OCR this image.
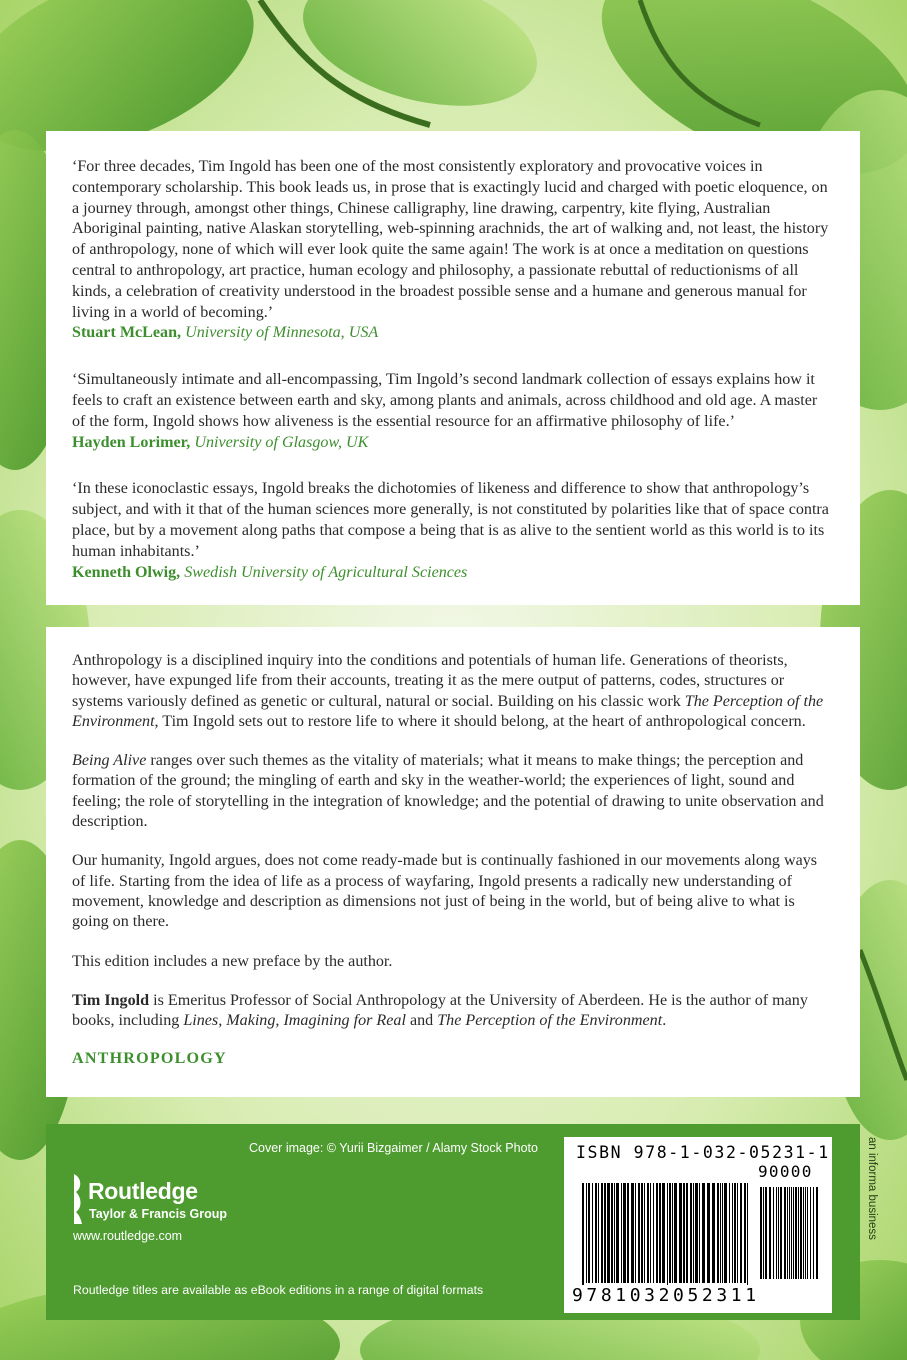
‘For three decades, Tim Ingold has been one of the most consistently exploratory and provocative voices in contemporary scholarship. This book leads us, in prose that is exactingly lucid and charged with poetic eloquence, on a journey through, amongst other things, Chinese calligraphy, line drawing, carpentry, kite flying, Australian Aboriginal painting, native Alaskan storytelling, web-spinning arachnids, the art of walking and, not least, the history of anthropology, none of which will ever look quite the same again! The work is at once a meditation on questions central to anthropology, art practice, human ecology and philosophy, a passionate rebuttal of reductionisms of all kinds, a celebration of creativity understood in the broadest possible sense and a humane and generous manual for living in a world of becoming.’

Stuart McLean, University of Minnesota, USA

‘Simultaneously intimate and all-encompassing, Tim Ingold’s second landmark collection of essays explains how it feels to craft an existence between earth and sky, among plants and animals, across childhood and old age. A master of the form, Ingold shows how aliveness is the essential resource for an affirmative philosophy of life.’

Hayden Lorimer, University of Glasgow, UK

‘In these iconoclastic essays, Ingold breaks the dichotomies of likeness and difference to show that anthropology’s subject, and with it that of the human sciences more generally, is not constituted by polarities like that of space contra place, but by a movement along paths that compose a being that is as alive to the sentient world as this world is to its human inhabitants.’

Kenneth Olwig, Swedish University of Agricultural Sciences

Anthropology is a disciplined inquiry into the conditions and potentials of human life. Generations of theorists, however, have expunged life from their accounts, treating it as the mere output of patterns, codes, structures or systems variously defined as genetic or cultural, natural or social. Building on his classic work The Perception of the Environment, Tim Ingold sets out to restore life to where it should belong, at the heart of anthropological concern.

Being Alive ranges over such themes as the vitality of materials; what it means to make things; the perception and formation of the ground; the mingling of earth and sky in the weather-world; the experiences of light, sound and feeling; the role of storytelling in the integration of knowledge; and the potential of drawing to unite observation and description.

Our humanity, Ingold argues, does not come ready-made but is continually fashioned in our movements along ways of life. Starting from the idea of life as a process of wayfaring, Ingold presents a radically new understanding of movement, knowledge and description as dimensions not just of being in the world, but of being alive to what is going on there.

This edition includes a new preface by the author.

Tim Ingold is Emeritus Professor of Social Anthropology at the University of Aberdeen. He is the author of many books, including Lines, Making, Imagining for Real and The Perception of the Environment.

ANTHROPOLOGY
Cover image: © Yurii Bizgaimer / Alamy Stock Photo
Routledge
Taylor & Francis Group
www.routledge.com
Routledge titles are available as eBook editions in a range of digital formats
ISBN 978-1-032-05231-1
90000
9781032052311
an informa business
